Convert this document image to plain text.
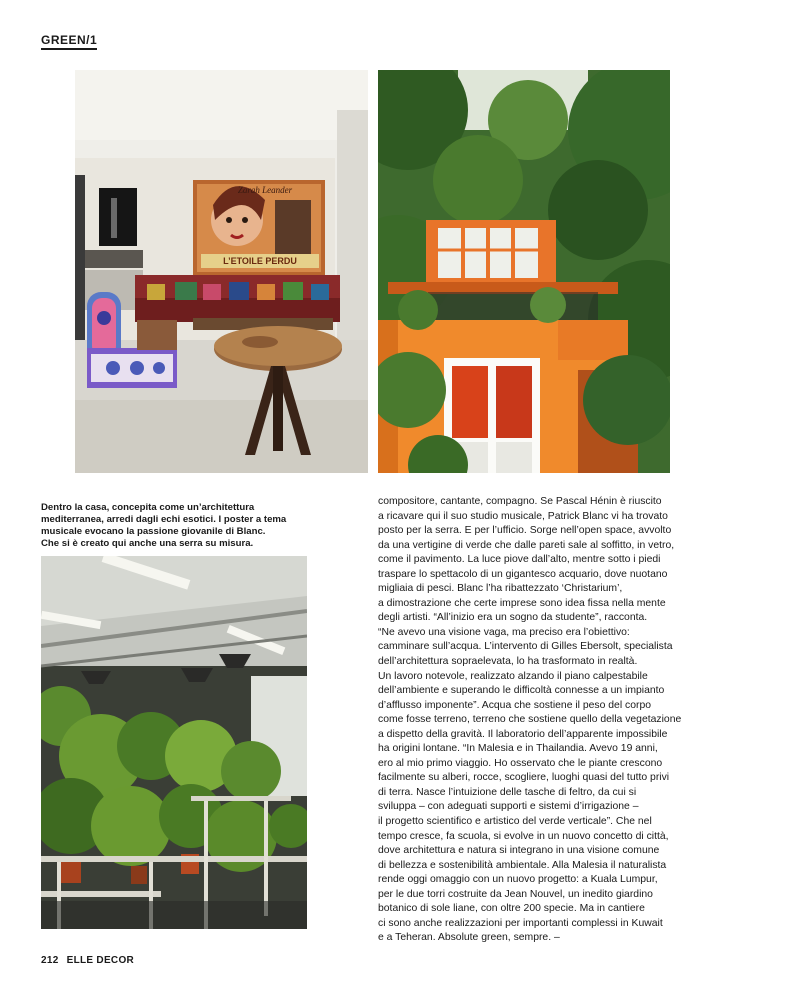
GREEN/1
Zarah Leander
L’ETOILE PERDU
Dentro la casa, concepita come un’architettura
mediterranea, arredi dagli echi esotici. I poster a tema
musicale evocano la passione giovanile di Blanc.
Che si è creato qui anche una serra su misura.
compositore, cantante, compagno. Se Pascal Hénin è riuscito
a ricavare qui il suo studio musicale, Patrick Blanc vi ha trovato
posto per la serra. E per l’ufficio. Sorge nell’open space, avvolto
da una vertigine di verde che dalle pareti sale al soffitto, in vetro,
come il pavimento. La luce piove dall’alto, mentre sotto i piedi
traspare lo spettacolo di un gigantesco acquario, dove nuotano
migliaia di pesci. Blanc l’ha ribattezzato ‘Christarium’,
a dimostrazione che certe imprese sono idea fissa nella mente
degli artisti. “All’inizio era un sogno da studente”, racconta.
“Ne avevo una visione vaga, ma preciso era l’obiettivo:
camminare sull’acqua. L’intervento di Gilles Ebersolt, specialista
dell’architettura sopraelevata, lo ha trasformato in realtà.
Un lavoro notevole, realizzato alzando il piano calpestabile
dell’ambiente e superando le difficoltà connesse a un impianto
d’afflusso imponente”. Acqua che sostiene il peso del corpo
come fosse terreno, terreno che sostiene quello della vegetazione
a dispetto della gravità. Il laboratorio dell’apparente impossibile
ha origini lontane. “In Malesia e in Thailandia. Avevo 19 anni,
ero al mio primo viaggio. Ho osservato che le piante crescono
facilmente su alberi, rocce, scogliere, luoghi quasi del tutto privi
di terra. Nasce l’intuizione delle tasche di feltro, da cui si
sviluppa – con adeguati supporti e sistemi d’irrigazione –
il progetto scientifico e artistico del verde verticale”. Che nel
tempo cresce, fa scuola, si evolve in un nuovo concetto di città,
dove architettura e natura si integrano in una visione comune
di bellezza e sostenibilità ambientale. Alla Malesia il naturalista
rende oggi omaggio con un nuovo progetto: a Kuala Lumpur,
per le due torri costruite da Jean Nouvel, un inedito giardino
botanico di sole liane, con oltre 200 specie. Ma in cantiere
ci sono anche realizzazioni per importanti complessi in Kuwait
e a Teheran. Absolute green, sempre. –
212 ELLE DECOR
